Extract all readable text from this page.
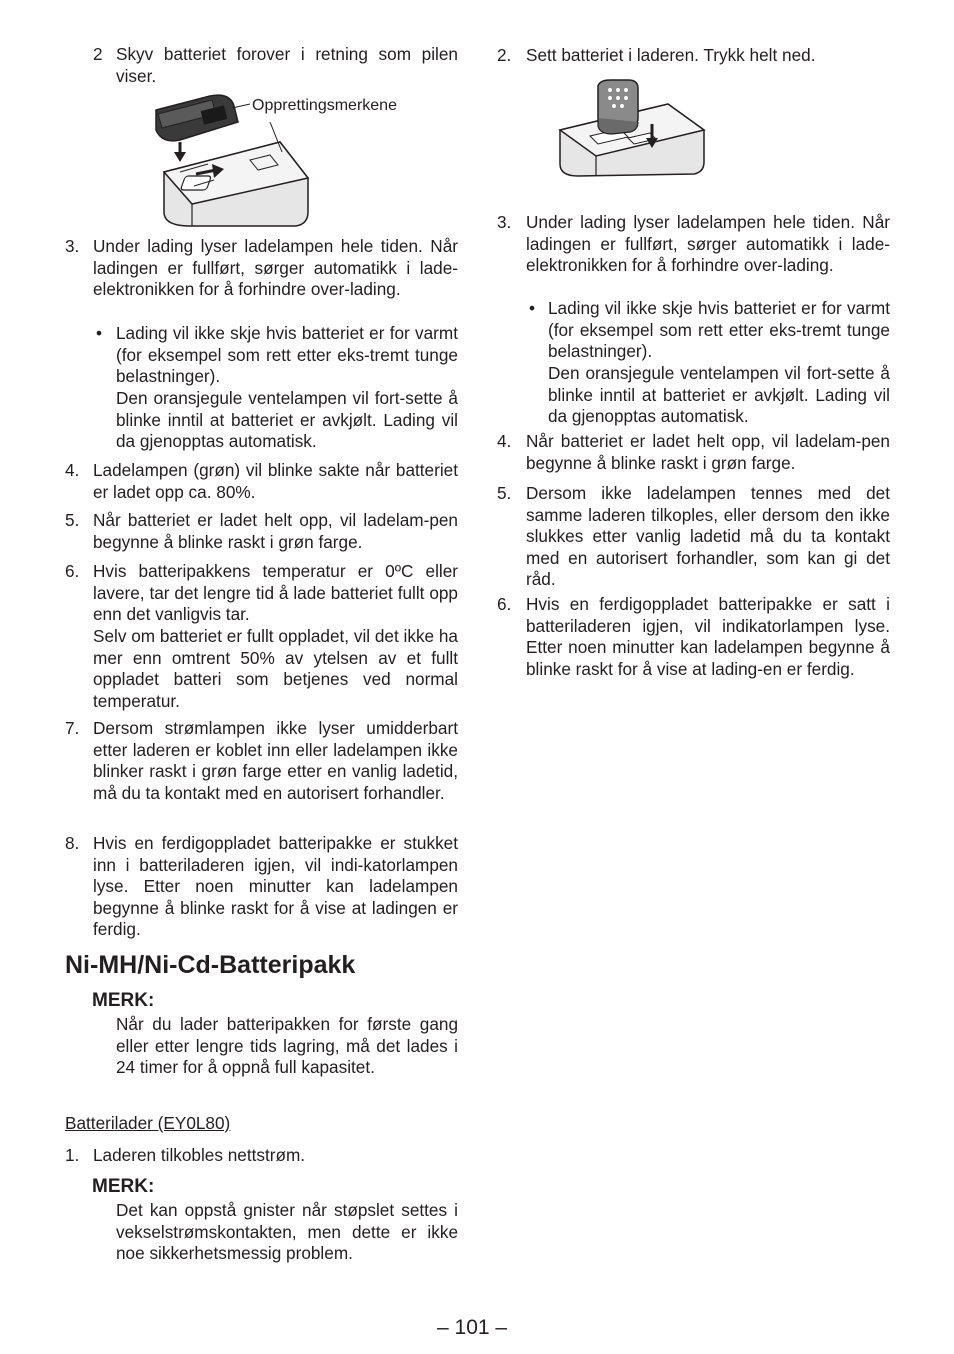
2 Skyv batteriet forover i retning som pilen viser.
Opprettingsmerkene
3. Under lading lyser ladelampen hele tiden. Når ladingen er fullført, sørger automatikk i lade-elektronikken for å forhindre over-lading.
• Lading vil ikke skje hvis batteriet er for varmt (for eksempel som rett etter eks-tremt tunge belastninger).
Den oransjegule ventelampen vil fort-sette å blinke inntil at batteriet er avkjølt. Lading vil da gjenopptas automatisk.
4. Ladelampen (grøn) vil blinke sakte når batteriet er ladet opp ca. 80%.
5. Når batteriet er ladet helt opp, vil ladelam-pen begynne å blinke raskt i grøn farge.
6. Hvis batteripakkens temperatur er 0ºC eller lavere, tar det lengre tid å lade batteriet fullt opp enn det vanligvis tar.
Selv om batteriet er fullt oppladet, vil det ikke ha mer enn omtrent 50% av ytelsen av et fullt oppladet batteri som betjenes ved normal temperatur.
7. Dersom strømlampen ikke lyser umidderbart etter laderen er koblet inn eller ladelampen ikke blinker raskt i grøn farge etter en vanlig ladetid, må du ta kontakt med en autorisert forhandler.
8. Hvis en ferdigoppladet batteripakke er stukket inn i batteriladeren igjen, vil indi-katorlampen lyse. Etter noen minutter kan ladelampen begynne å blinke raskt for å vise at ladingen er ferdig.
Ni-MH/Ni-Cd-Batteripakk
MERK:
Når du lader batteripakken for første gang eller etter lengre tids lagring, må det lades i 24 timer for å oppnå full kapasitet.
Batterilader (EY0L80)
1. Laderen tilkobles nettstrøm.
MERK:
Det kan oppstå gnister når støpslet settes i vekselstrømskontakten, men dette er ikke noe sikkerhetsmessig problem.
2. Sett batteriet i laderen. Trykk helt ned.
3. Under lading lyser ladelampen hele tiden. Når ladingen er fullført, sørger automatikk i lade-elektronikken for å forhindre over-lading.
• Lading vil ikke skje hvis batteriet er for varmt (for eksempel som rett etter eks-tremt tunge belastninger).
Den oransjegule ventelampen vil fort-sette å blinke inntil at batteriet er avkjølt. Lading vil da gjenopptas automatisk.
4. Når batteriet er ladet helt opp, vil ladelam-pen begynne å blinke raskt i grøn farge.
5. Dersom ikke ladelampen tennes med det samme laderen tilkoples, eller dersom den ikke slukkes etter vanlig ladetid må du ta kontakt med en autorisert forhandler, som kan gi det råd.
6. Hvis en ferdigoppladet batteripakke er satt i batteriladeren igjen, vil indikatorlampen lyse. Etter noen minutter kan ladelampen begynne å blinke raskt for å vise at lading-en er ferdig.
– 101 –
